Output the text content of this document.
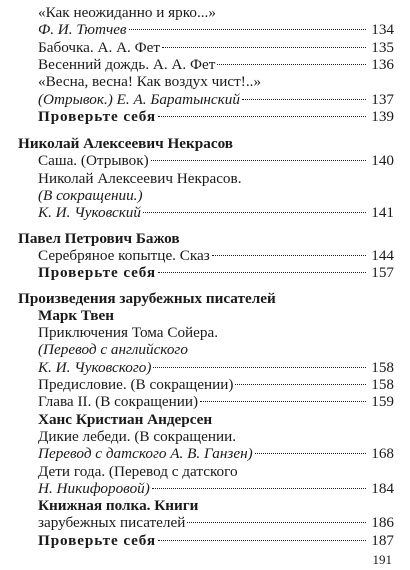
«Как неожиданно и ярко...»
Ф. И. Тютчев	134
Бабочка. А. А. Фет	135
Весенний дождь. А. А. Фет	136
«Весна, весна! Как воздух чист!..»
(Отрывок.) Е. А. Баратынский	137
Проверьте себя	139
Николай Алексеевич Некрасов
Саша. (Отрывок)	140
Николай Алексеевич Некрасов.
(В сокращении.)
К. И. Чуковский	141
Павел Петрович Бажов
Серебряное копытце. Сказ	144
Проверьте себя	157
Произведения зарубежных писателей
Марк Твен
Приключения Тома Сойера.
(Перевод с английского
К. И. Чуковского)	158
Предисловие. (В сокращении)	158
Глава II. (В сокращении)	159
Ханс Кристиан Андерсен
Дикие лебеди. (В сокращении.
Перевод с датского А. В. Ганзен)	168
Дети года. (Перевод с датского
Н. Никифоровой)	184
Книжная полка. Книги
зарубежных писателей	186
Проверьте себя	187
191
